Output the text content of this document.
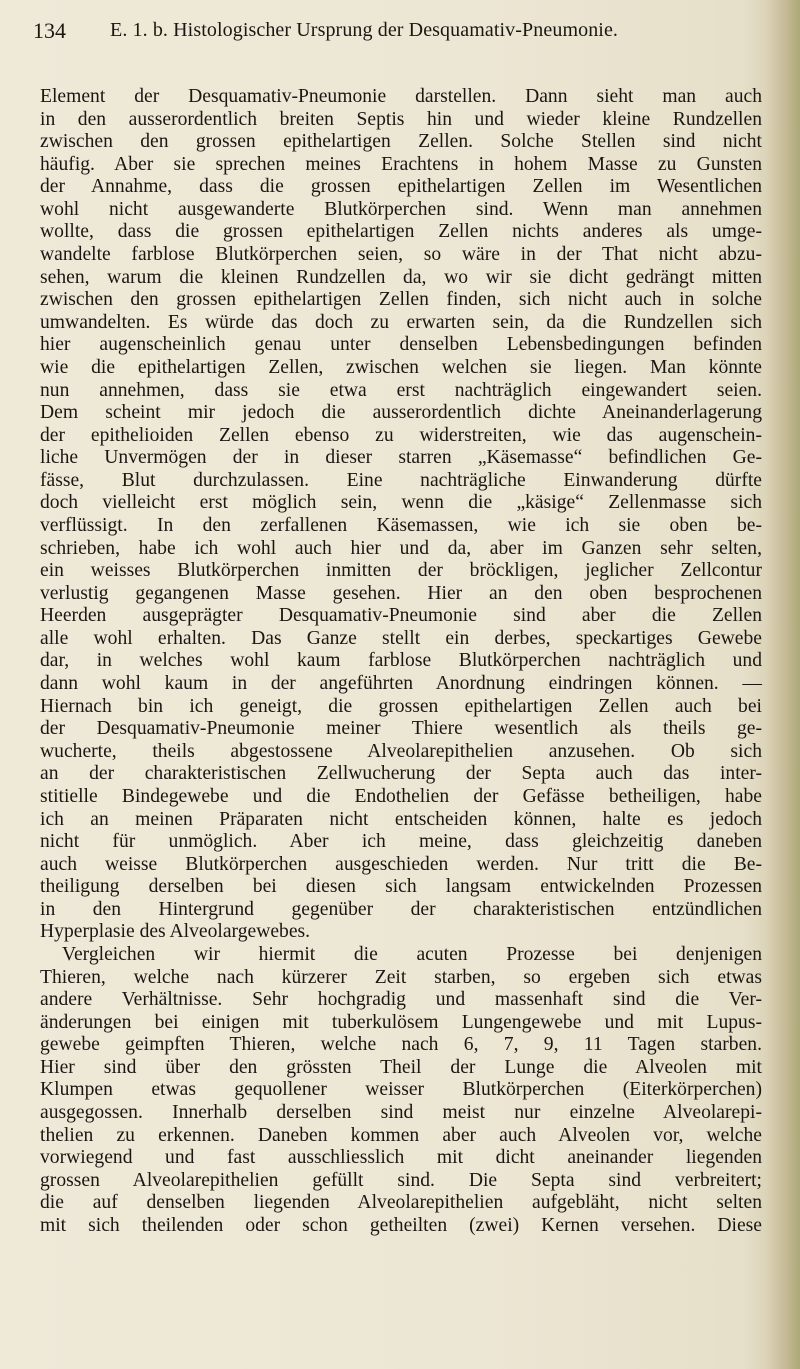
134 E. 1. b. Histologischer Ursprung der Desquamativ-Pneumonie.
Element der Desquamativ-Pneumonie darstellen. Dann sieht man auch
in den ausserordentlich breiten Septis hin und wieder kleine Rundzellen
zwischen den grossen epithelartigen Zellen. Solche Stellen sind nicht
häufig. Aber sie sprechen meines Erachtens in hohem Masse zu Gunsten
der Annahme, dass die grossen epithelartigen Zellen im Wesentlichen
wohl nicht ausgewanderte Blutkörperchen sind. Wenn man annehmen
wollte, dass die grossen epithelartigen Zellen nichts anderes als umge-
wandelte farblose Blutkörperchen seien, so wäre in der That nicht abzu-
sehen, warum die kleinen Rundzellen da, wo wir sie dicht gedrängt mitten
zwischen den grossen epithelartigen Zellen finden, sich nicht auch in solche
umwandelten. Es würde das doch zu erwarten sein, da die Rundzellen sich
hier augenscheinlich genau unter denselben Lebensbedingungen befinden
wie die epithelartigen Zellen, zwischen welchen sie liegen. Man könnte
nun annehmen, dass sie etwa erst nachträglich eingewandert seien.
Dem scheint mir jedoch die ausserordentlich dichte Aneinanderlagerung
der epithelioiden Zellen ebenso zu widerstreiten, wie das augenschein-
liche Unvermögen der in dieser starren „Käsemasse“ befindlichen Ge-
fässe, Blut durchzulassen. Eine nachträgliche Einwanderung dürfte
doch vielleicht erst möglich sein, wenn die „käsige“ Zellenmasse sich
verflüssigt. In den zerfallenen Käsemassen, wie ich sie oben be-
schrieben, habe ich wohl auch hier und da, aber im Ganzen sehr selten,
ein weisses Blutkörperchen inmitten der bröckligen, jeglicher Zellcontur
verlustig gegangenen Masse gesehen. Hier an den oben besprochenen
Heerden ausgeprägter Desquamativ-Pneumonie sind aber die Zellen
alle wohl erhalten. Das Ganze stellt ein derbes, speckartiges Gewebe
dar, in welches wohl kaum farblose Blutkörperchen nachträglich und
dann wohl kaum in der angeführten Anordnung eindringen können. —
Hiernach bin ich geneigt, die grossen epithelartigen Zellen auch bei
der Desquamativ-Pneumonie meiner Thiere wesentlich als theils ge-
wucherte, theils abgestossene Alveolarepithelien anzusehen. Ob sich
an der charakteristischen Zellwucherung der Septa auch das inter-
stitielle Bindegewebe und die Endothelien der Gefässe betheiligen, habe
ich an meinen Präparaten nicht entscheiden können, halte es jedoch
nicht für unmöglich. Aber ich meine, dass gleichzeitig daneben
auch weisse Blutkörperchen ausgeschieden werden. Nur tritt die Be-
theiligung derselben bei diesen sich langsam entwickelnden Prozessen
in den Hintergrund gegenüber der charakteristischen entzündlichen
Hyperplasie des Alveolargewebes.
Vergleichen wir hiermit die acuten Prozesse bei denjenigen
Thieren, welche nach kürzerer Zeit starben, so ergeben sich etwas
andere Verhältnisse. Sehr hochgradig und massenhaft sind die Ver-
änderungen bei einigen mit tuberkulösem Lungengewebe und mit Lupus-
gewebe geimpften Thieren, welche nach 6, 7, 9, 11 Tagen starben.
Hier sind über den grössten Theil der Lunge die Alveolen mit
Klumpen etwas gequollener weisser Blutkörperchen (Eiterkörperchen)
ausgegossen. Innerhalb derselben sind meist nur einzelne Alveolarepi-
thelien zu erkennen. Daneben kommen aber auch Alveolen vor, welche
vorwiegend und fast ausschliesslich mit dicht aneinander liegenden
grossen Alveolarepithelien gefüllt sind. Die Septa sind verbreitert;
die auf denselben liegenden Alveolarepithelien aufgebläht, nicht selten
mit sich theilenden oder schon getheilten (zwei) Kernen versehen. Diese
